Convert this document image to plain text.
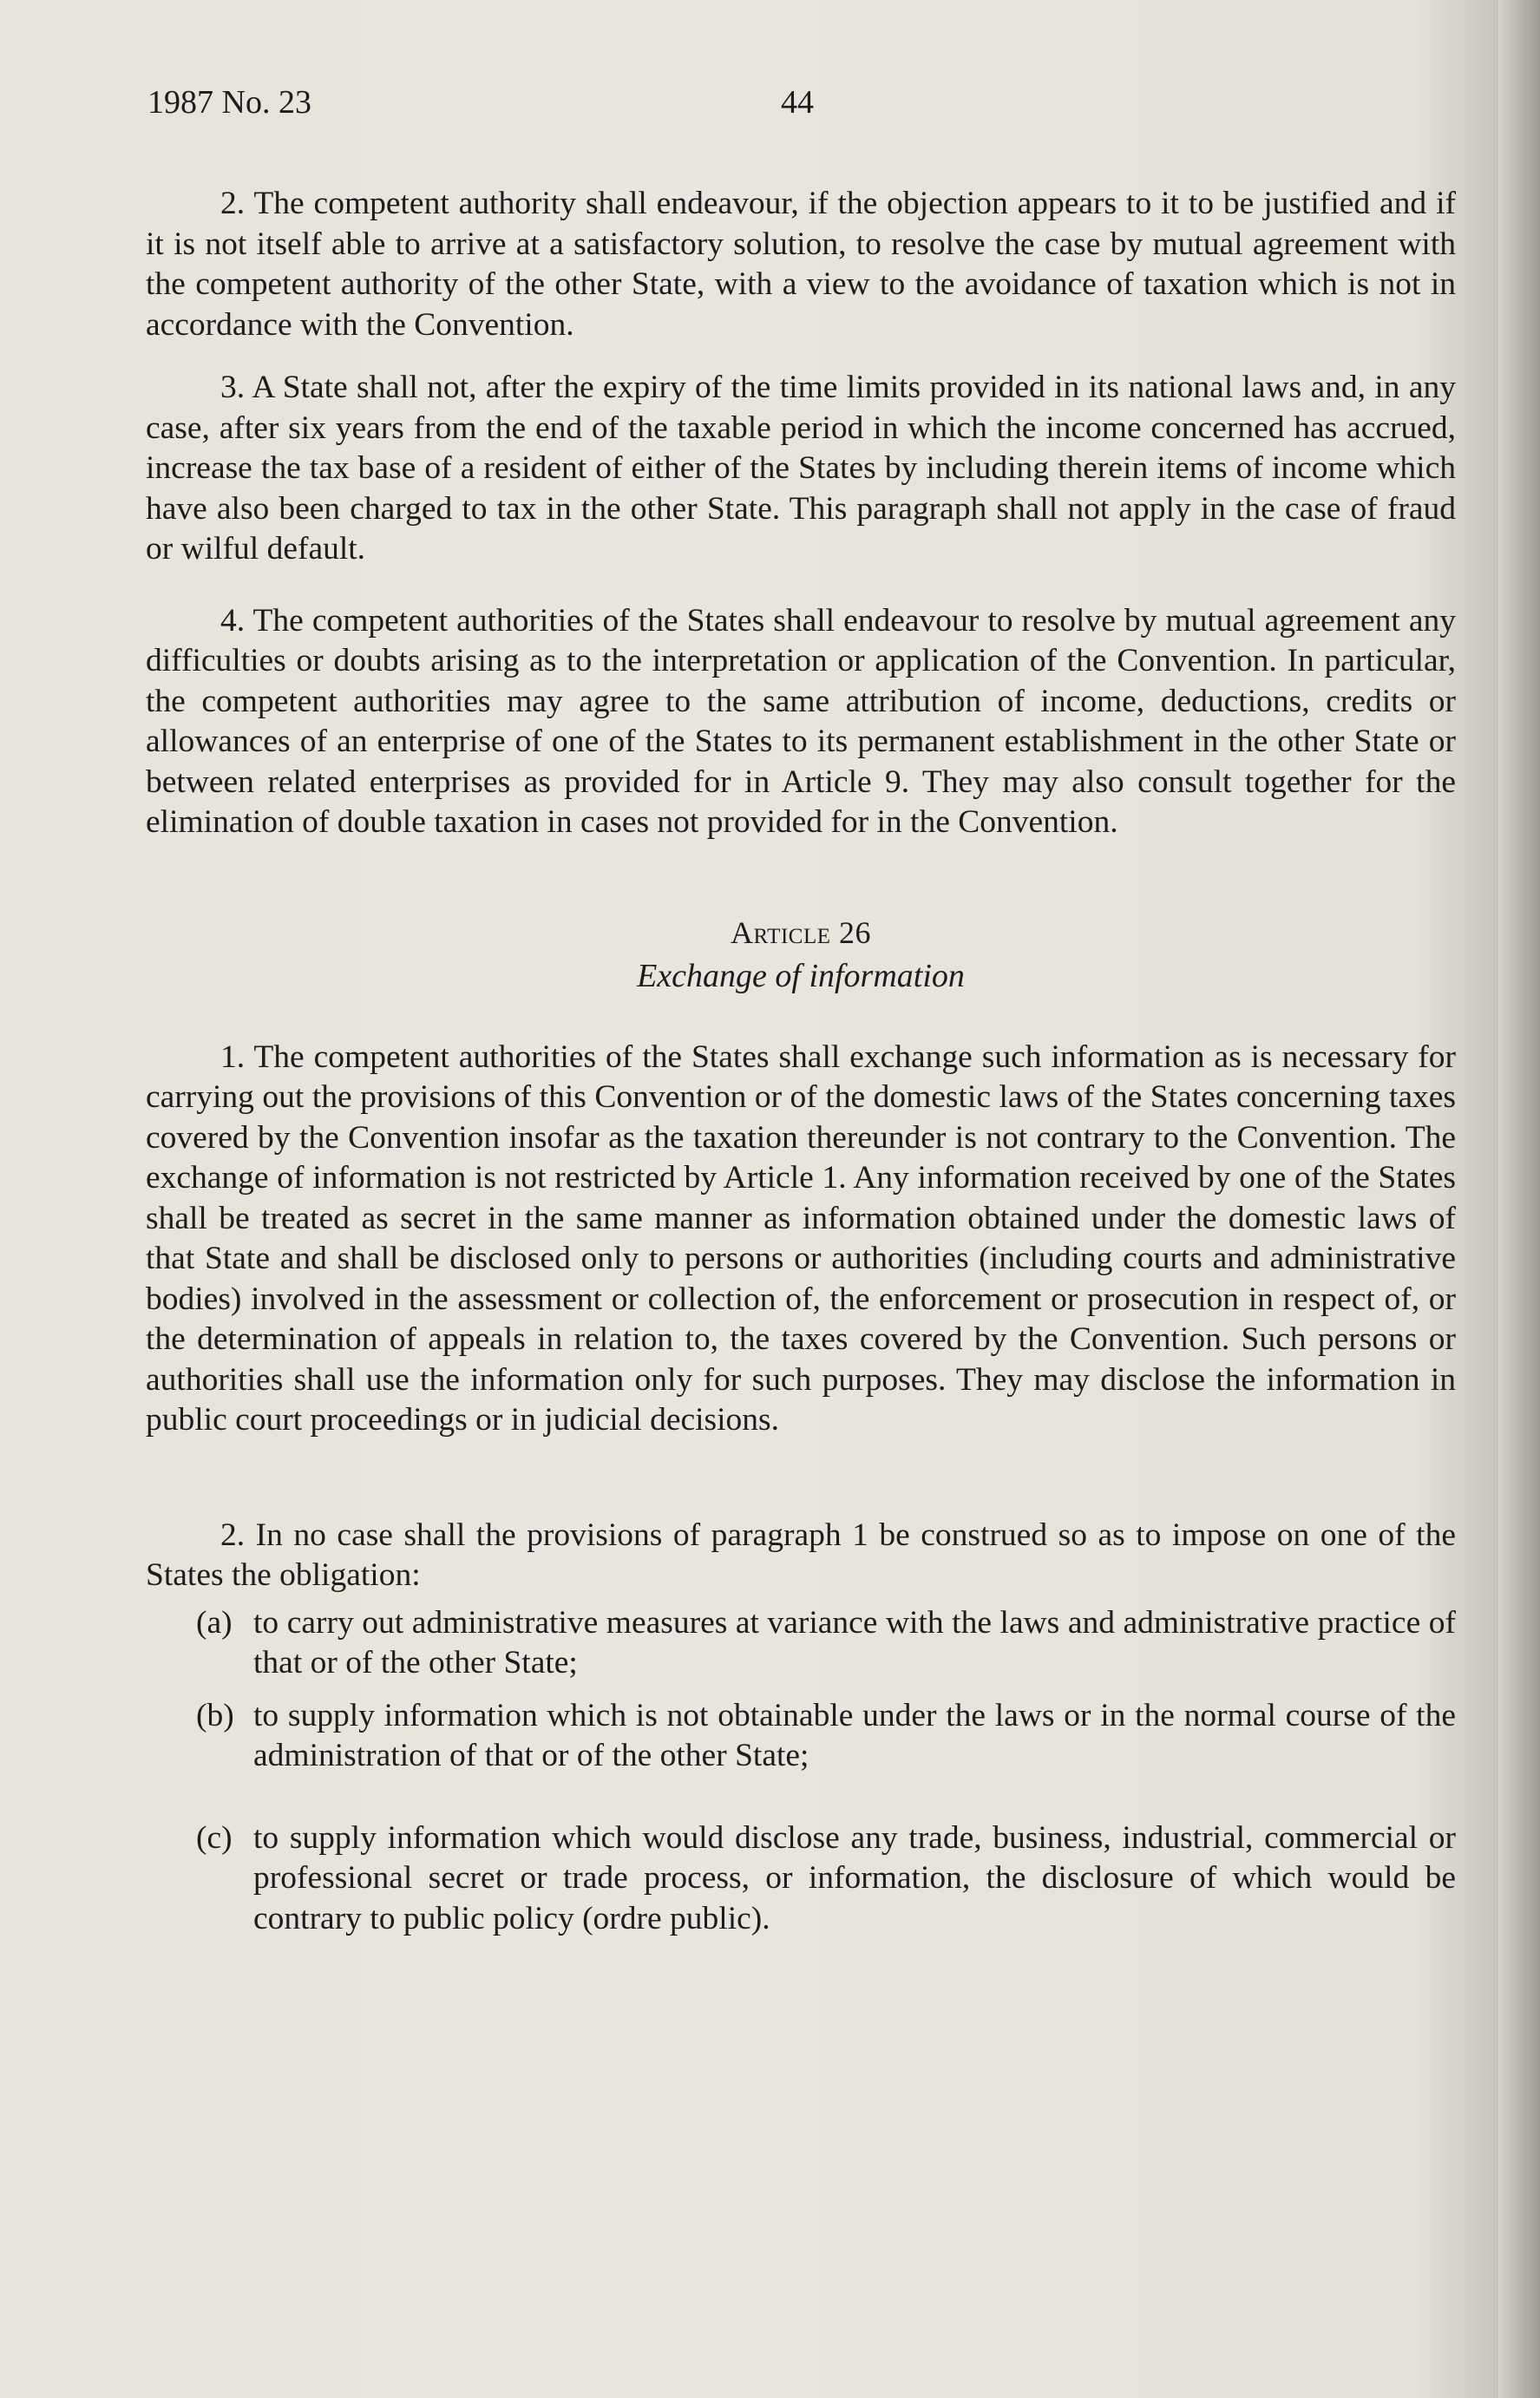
1987 No. 23	44

2. The competent authority shall endeavour, if the objection appears to it to be justified and if it is not itself able to arrive at a satisfactory solution, to resolve the case by mutual agreement with the competent authority of the other State, with a view to the avoidance of taxation which is not in accordance with the Convention.

3. A State shall not, after the expiry of the time limits provided in its national laws and, in any case, after six years from the end of the taxable period in which the income concerned has accrued, increase the tax base of a resident of either of the States by including therein items of income which have also been charged to tax in the other State. This paragraph shall not apply in the case of fraud or wilful default.

4. The competent authorities of the States shall endeavour to resolve by mutual agreement any difficulties or doubts arising as to the interpretation or application of the Convention. In particular, the competent authorities may agree to the same attribution of income, deductions, credits or allowances of an enterprise of one of the States to its permanent establishment in the other State or between related enterprises as provided for in Article 9. They may also consult together for the elimination of double taxation in cases not provided for in the Convention.

Article 26
Exchange of information

1. The competent authorities of the States shall exchange such information as is necessary for carrying out the provisions of this Convention or of the domestic laws of the States concerning taxes covered by the Convention insofar as the taxation thereunder is not contrary to the Convention. The exchange of information is not restricted by Article 1. Any information received by one of the States shall be treated as secret in the same manner as information obtained under the domestic laws of that State and shall be disclosed only to persons or authorities (including courts and administrative bodies) involved in the assessment or collection of, the enforcement or prosecution in respect of, or the determination of appeals in relation to, the taxes covered by the Convention. Such persons or authorities shall use the information only for such purposes. They may disclose the information in public court proceedings or in judicial decisions.

2. In no case shall the provisions of paragraph 1 be construed so as to impose on one of the States the obligation:

(a) to carry out administrative measures at variance with the laws and administrative practice of that or of the other State;
(b) to supply information which is not obtainable under the laws or in the normal course of the administration of that or of the other State;
(c) to supply information which would disclose any trade, business, industrial, commercial or professional secret or trade process, or information, the disclosure of which would be contrary to public policy (ordre public).
